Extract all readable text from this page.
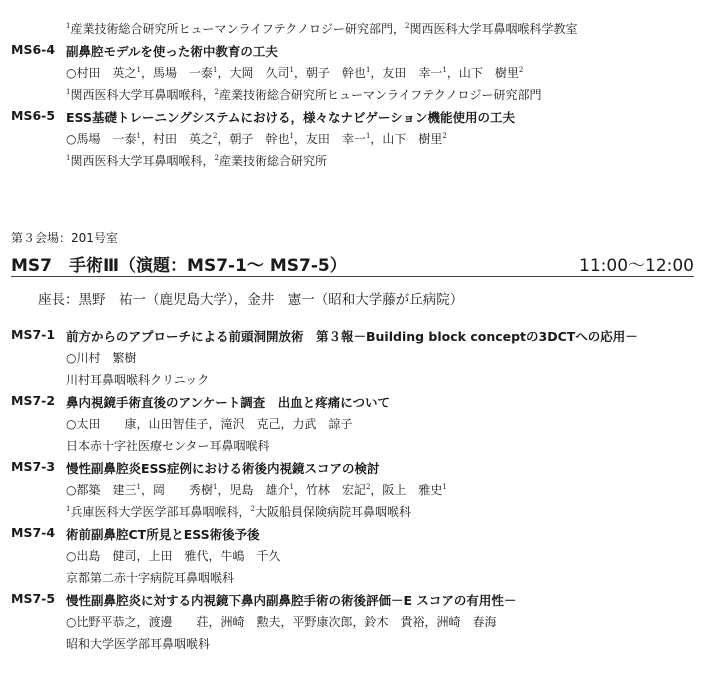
$^1$産業技術総合研究所ヒューマンライフテクノロジー研究部門，$^2$関西医科大学耳鼻咽喉科学教室
MS6-4 副鼻腔モデルを使った術中教育の工夫
○村田　英之$^1$，馬場　一泰$^1$，大岡　久司$^1$，朝子　幹也$^1$，友田　幸一$^1$，山下　樹里$^2$
$^1$関西医科大学耳鼻咽喉科，$^2$産業技術総合研究所ヒューマンライフテクノロジー研究部門
MS6-5 ESS基礎トレーニングシステムにおける，様々なナビゲーション機能使用の工夫
○馬場　一泰$^1$，村田　英之$^2$，朝子　幹也$^1$，友田　幸一$^1$，山下　樹里$^2$
$^1$関西医科大学耳鼻咽喉科，$^2$産業技術総合研究所
第３会場：201号室
MS7　手術Ⅲ（演題：MS7-1～ MS7-5）	11:00～12:00
座長：黒野　祐一（鹿児島大学），金井　憲一（昭和大学藤が丘病院）
MS7-1 前方からのアプローチによる前頭洞開放術　第３報－Building block conceptの3DCTへの応用－
○川村　繁樹
川村耳鼻咽喉科クリニック
MS7-2 鼻内視鏡手術直後のアンケート調査　出血と疼痛について
○太田　　康，山田智佳子，滝沢　克己，力武　諒子
日本赤十字社医療センター耳鼻咽喉科
MS7-3 慢性副鼻腔炎ESS症例における術後内視鏡スコアの検討
○都築　建三$^1$，岡　　秀樹$^1$，児島　雄介$^1$，竹林　宏記$^2$，阪上　雅史$^1$
$^1$兵庫医科大学医学部耳鼻咽喉科，$^2$大阪船員保険病院耳鼻咽喉科
MS7-4 術前副鼻腔CT所見とESS術後予後
○出島　健司，上田　雅代，牛嶋　千久
京都第二赤十字病院耳鼻咽喉科
MS7-5 慢性副鼻腔炎に対する内視鏡下鼻内副鼻腔手術の術後評価－E スコアの有用性－
○比野平恭之，渡邊　　荘，洲崎　勲夫，平野康次郎，鈴木　貴裕，洲崎　春海
昭和大学医学部耳鼻咽喉科
